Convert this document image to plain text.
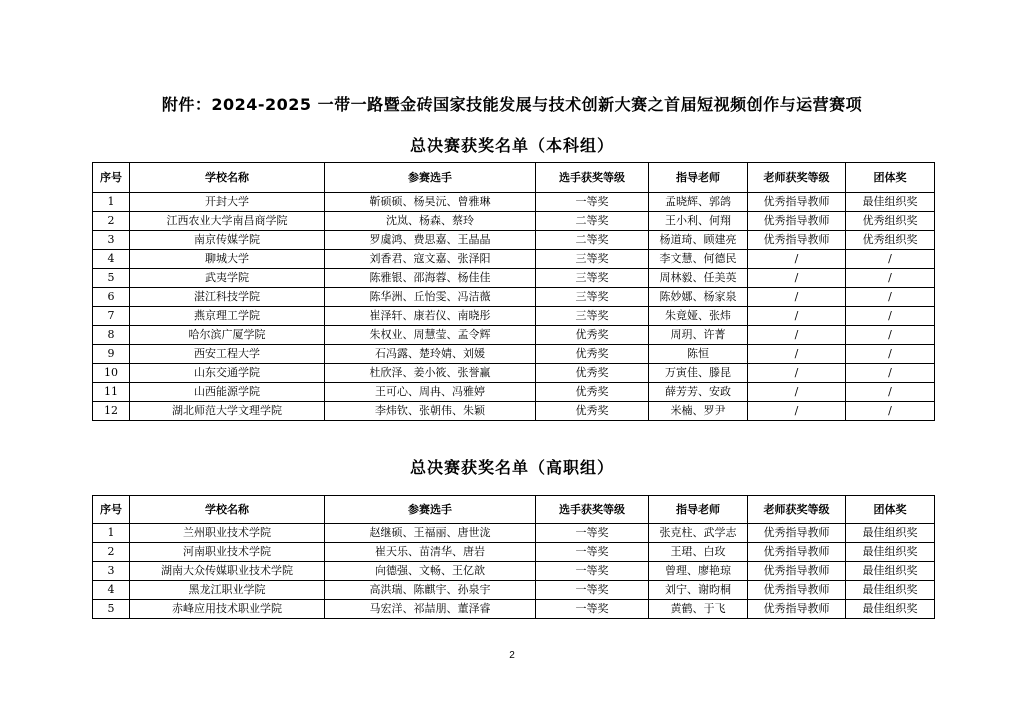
附件：2024-2025 一带一路暨金砖国家技能发展与技术创新大赛之首届短视频创作与运营赛项
总决赛获奖名单（本科组）
序号	学校名称	参赛选手	选手获奖等级	指导老师	老师获奖等级	团体奖
1	开封大学	靳硕硕、杨昊沅、曾雅琳	一等奖	孟晓辉、郭鸽	优秀指导教师	最佳组织奖
2	江西农业大学南昌商学院	沈岚、杨森、蔡玲	二等奖	王小利、何翔	优秀指导教师	优秀组织奖
3	南京传媒学院	罗虞鸿、费思嘉、王晶晶	二等奖	杨道琦、顾建亮	优秀指导教师	优秀组织奖
4	聊城大学	刘香君、寇文嘉、张泽阳	三等奖	李文慧、何德民	/	/
5	武夷学院	陈雅银、邵海蓉、杨佳佳	三等奖	周林毅、任美英	/	/
6	湛江科技学院	陈华洲、丘怡雯、冯洁薇	三等奖	陈妙娜、杨家泉	/	/
7	燕京理工学院	崔泽轩、康若仪、南晓彤	三等奖	朱竟娅、张炜	/	/
8	哈尔滨广厦学院	朱权业、周慧莹、孟令辉	优秀奖	周玥、许菁	/	/
9	西安工程大学	石冯露、楚玲婧、刘媛	优秀奖	陈恒	/	/
10	山东交通学院	杜欣泽、姜小筱、张誉赢	优秀奖	万寅佳、滕昆	/	/
11	山西能源学院	王可心、周冉、冯雅婷	优秀奖	薛芳芳、安政	/	/
12	湖北师范大学文理学院	李炜钦、张朝伟、朱颖	优秀奖	米楠、罗尹	/	/
总决赛获奖名单（高职组）
序号	学校名称	参赛选手	选手获奖等级	指导老师	老师获奖等级	团体奖
1	兰州职业技术学院	赵继硕、王福丽、唐世泷	一等奖	张克柱、武学志	优秀指导教师	最佳组织奖
2	河南职业技术学院	崔天乐、苗清华、唐岩	一等奖	王珺、白玫	优秀指导教师	最佳组织奖
3	湖南大众传媒职业技术学院	向德强、文畅、王亿歆	一等奖	曾理、廖艳琼	优秀指导教师	最佳组织奖
4	黑龙江职业学院	高洪瑞、陈麒宇、孙泉宇	一等奖	刘宁、谢昀桐	优秀指导教师	最佳组织奖
5	赤峰应用技术职业学院	马宏洋、祁喆朋、董泽睿	一等奖	黄鹤、于飞	优秀指导教师	最佳组织奖
2
